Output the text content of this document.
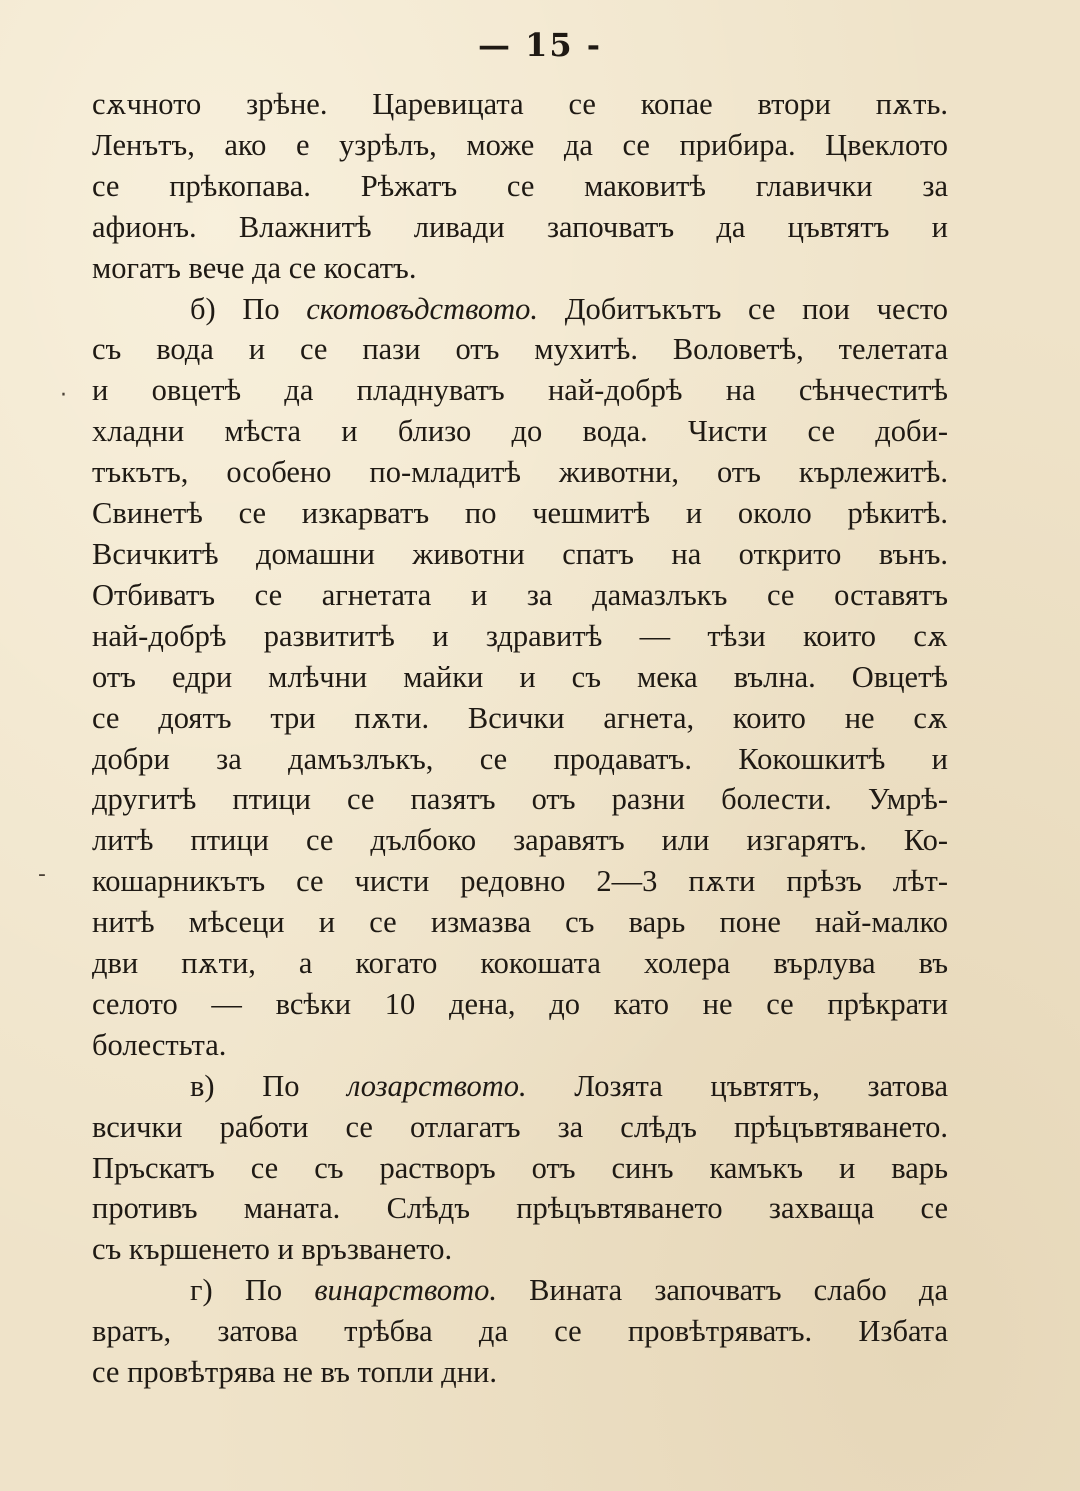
— 15 -
·
-
сѫчното зрѣне. Царевицата се копае втори пѫть.
Ленътъ, ако е узрѣлъ, може да се прибира. Цвеклото
се прѣкопава. Рѣжатъ се маковитѣ главички за
афионъ. Влажнитѣ ливади започватъ да цъвтятъ и
могатъ вече да се косатъ.
б) По скотовъдството. Добитъкътъ се пои често
съ вода и се пази отъ мухитѣ. Воловетѣ, телетата
и овцетѣ да пладнуватъ най-добрѣ на сѣнчеститѣ
хладни мѣста и близо до вода. Чисти се доби-
тъкътъ, особено по-младитѣ животни, отъ кърлежитѣ.
Свинетѣ се изкарватъ по чешмитѣ и около рѣкитѣ.
Всичкитѣ домашни животни спатъ на открито вънъ.
Отбиватъ се агнетата и за дамазлъкъ се оставятъ
най-добрѣ развититѣ и здравитѣ — тѣзи които сѫ
отъ едри млѣчни майки и съ мека вълна. Овцетѣ
се доятъ три пѫти. Всички агнета, които не сѫ
добри за дамъзлъкъ, се продаватъ. Кокошкитѣ и
другитѣ птици се пазятъ отъ разни болести. Умрѣ-
литѣ птици се дълбоко заравятъ или изгарятъ. Ко-
кошарникътъ се чисти редовно 2—3 пѫти прѣзъ лѣт-
нитѣ мѣсеци и се измазва съ варь поне най-малко
дви пѫти, а когато кокошата холера върлува въ
селото — всѣки 10 дена, до като не се прѣкрати
болестьта.
в) По лозарството. Лозята цъвтятъ, затова
всички работи се отлагатъ за слѣдъ прѣцъвтяването.
Пръскатъ се съ растворъ отъ синъ камъкъ и варь
противъ маната. Слѣдъ прѣцъвтяването захваща се
съ кършенето и връзването.
г) По винарството. Вината започватъ слабо да
вратъ, затова трѣбва да се провѣтряватъ. Избата
се провѣтрява не въ топли дни.
